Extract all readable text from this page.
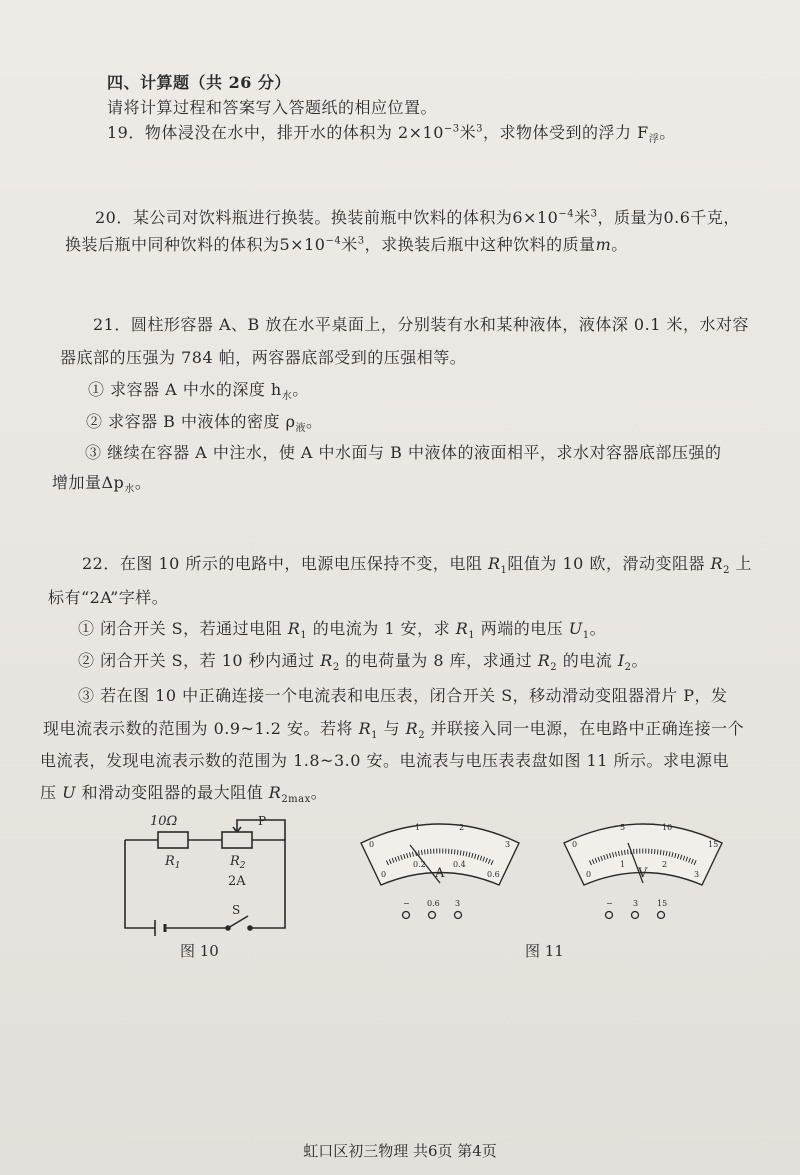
四、计算题（共 26 分）
请将计算过程和答案写入答题纸的相应位置。
19．物体浸没在水中，排开水的体积为 $2\times 10^{-3}$米$^3$，求物体受到的浮力 $F_浮$。
20．某公司对饮料瓶进行换装。换装前瓶中饮料的体积为$6\times 10^{-4}$米$^3$，质量为0.6千克，
换装后瓶中同种饮料的体积为$5\times 10^{-4}$米$^3$，求换装后瓶中这种饮料的质量m。
21．圆柱形容器 A、B 放在水平桌面上，分别装有水和某种液体，液体深 0.1 米，水对容
器底部的压强为 784 帕，两容器底部受到的压强相等。
① 求容器 A 中水的深度 $h_水$。
② 求容器 B 中液体的密度 $\rho_液$。
③ 继续在容器 A 中注水，使 A 中水面与 B 中液体的液面相平，求水对容器底部压强的
增加量$\Delta p_水$。
22．在图 10 所示的电路中，电源电压保持不变，电阻 $R_1$阻值为 10 欧，滑动变阻器 $R_2$ 上
标有“2A”字样。
① 闭合开关 S，若通过电阻 $R_1$ 的电流为 1 安，求 $R_1$ 两端的电压 $U_1$。
② 闭合开关 S，若 10 秒内通过 $R_2$ 的电荷量为 8 库，求通过 $R_2$ 的电流 $I_2$。
③ 若在图 10 中正确连接一个电流表和电压表，闭合开关 S，移动滑动变阻器滑片 P，发
现电流表示数的范围为 0.9~1.2 安。若将 $R_1$ 与 $R_2$ 并联接入同一电源，在电路中正确连接一个
电流表，发现电流表示数的范围为 1.8~3.0 安。电流表与电压表表盘如图 11 所示。求电源电
压 U 和滑动变阻器的最大阻值 $R_{2max}$。
10Ω
$R_1$	$R_2$
P
2A
S
图 10
0
1	2
3
0
0.2	0.4
0.6
A
− 0.6 3
0
5	10
15
0
1	2
3
V
−	3 15
图 11
虹口区初三物理 共6页 第4页
